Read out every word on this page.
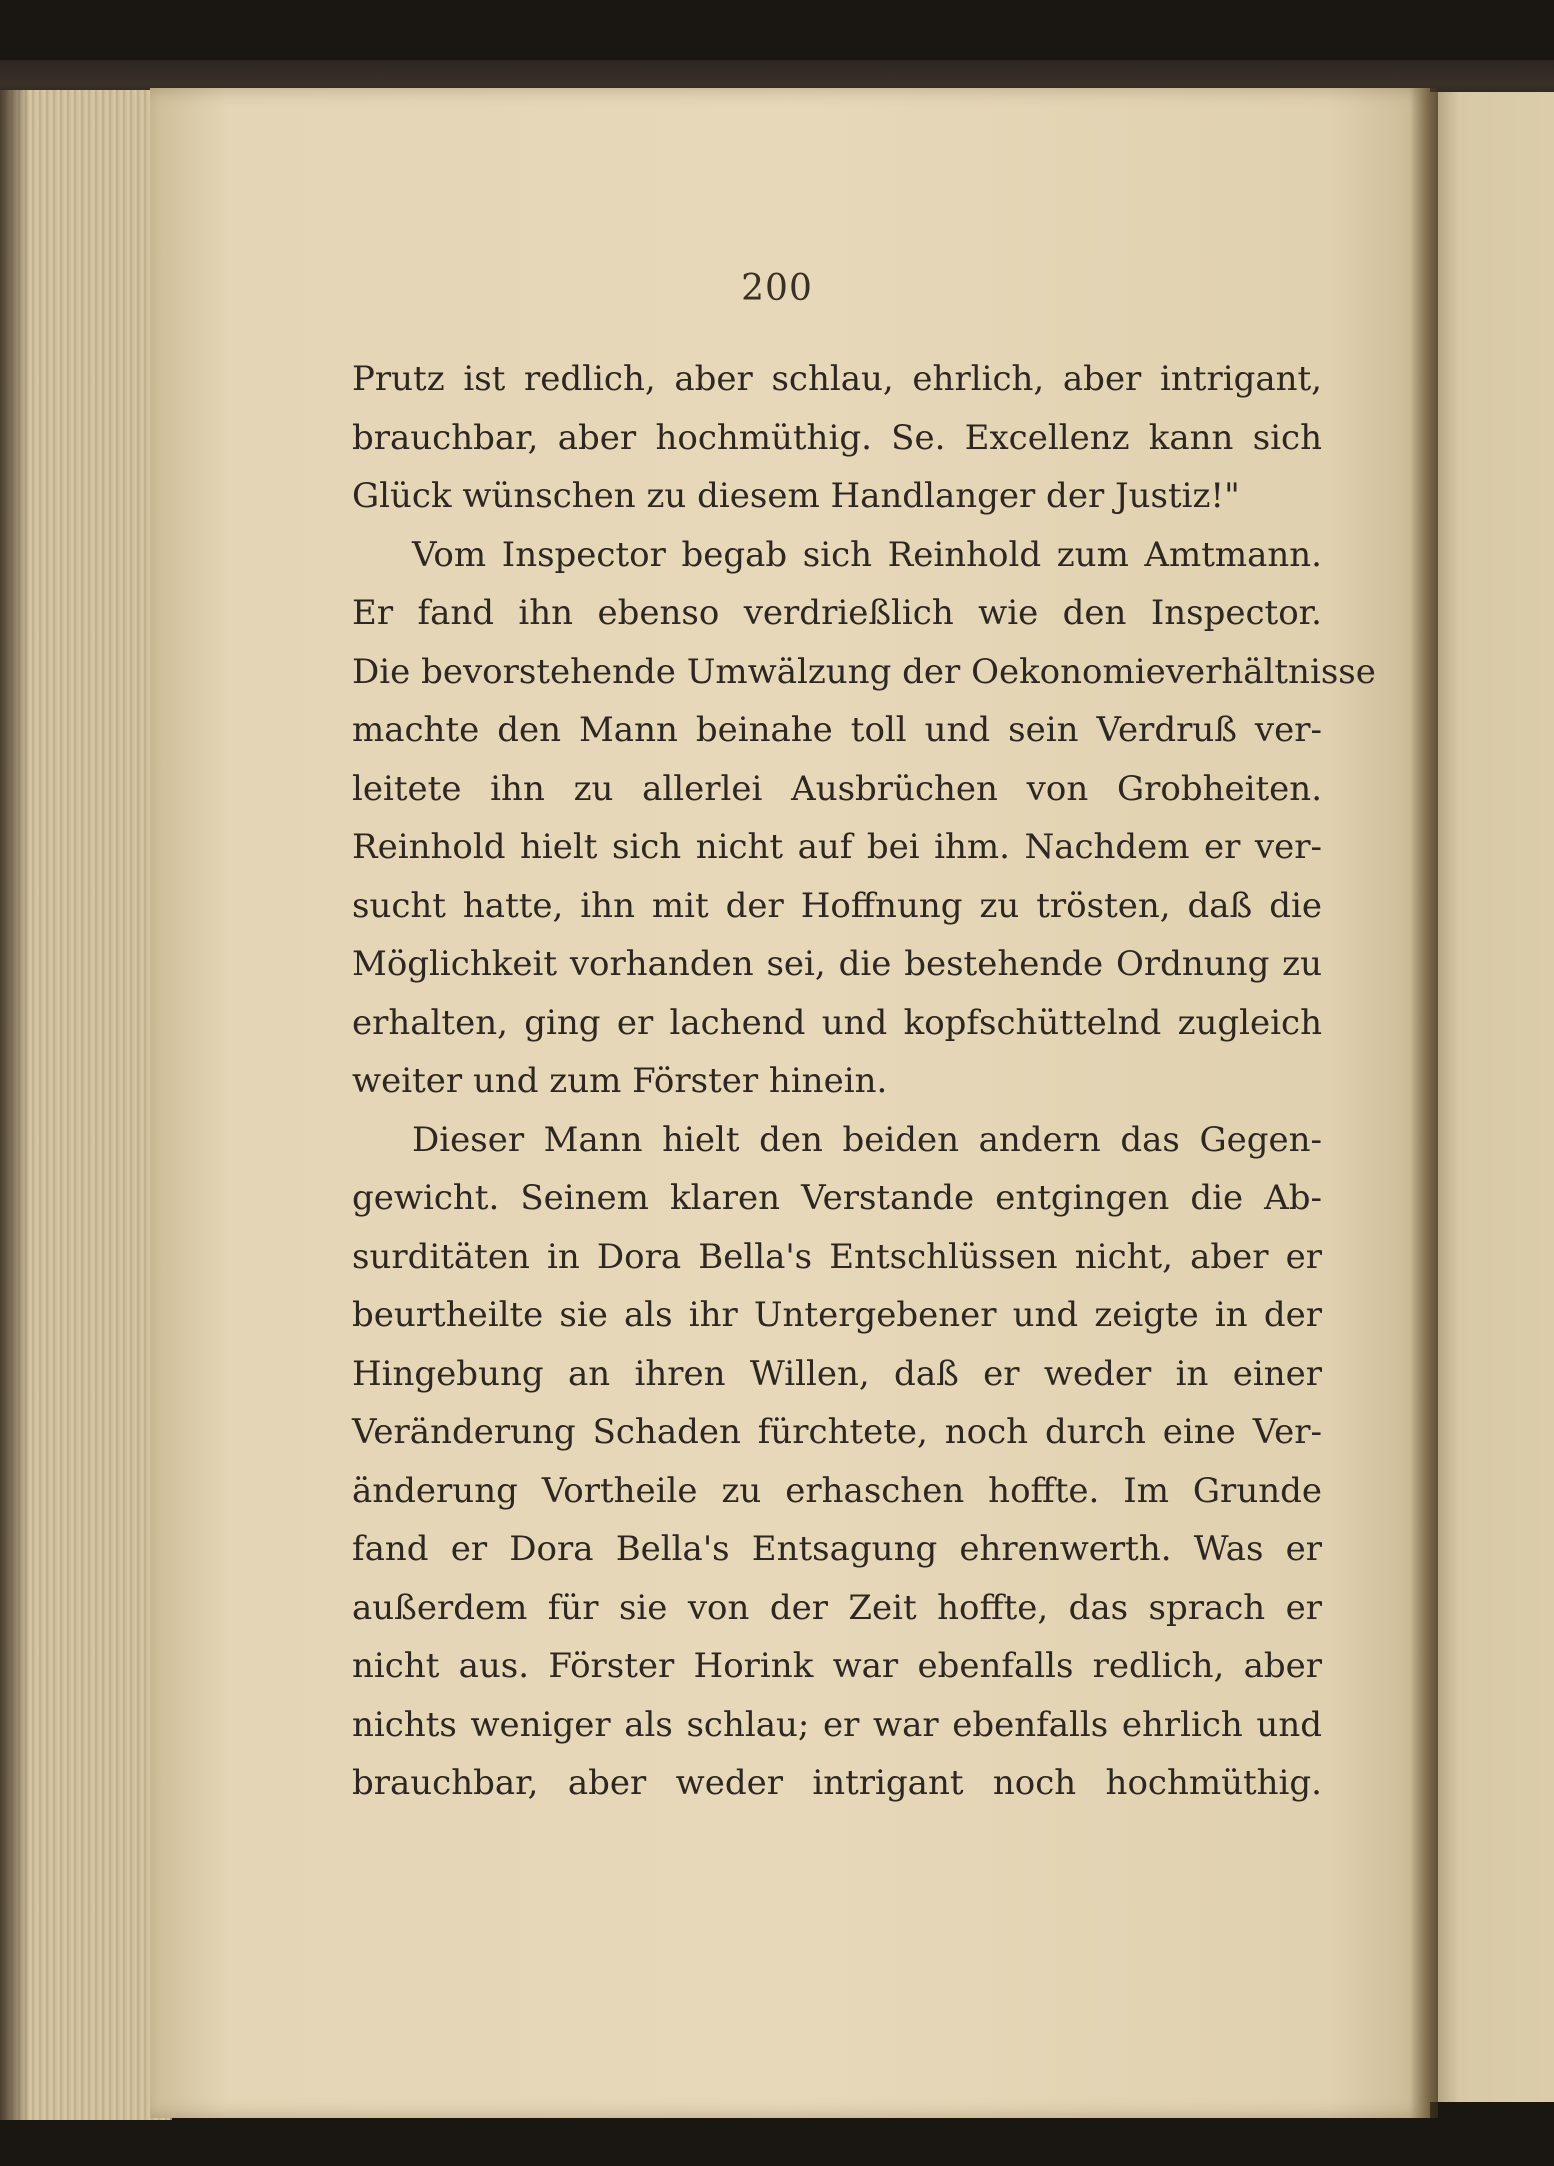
200
Prutz ist redlich, aber schlau, ehrlich, aber intrigant,
brauchbar, aber hochmüthig. Se. Excellenz kann sich
Glück wünschen zu diesem Handlanger der Justiz!"
Vom Inspector begab sich Reinhold zum Amtmann.
Er fand ihn ebenso verdrießlich wie den Inspector.
Die bevorstehende Umwälzung der Oekonomieverhältnisse
machte den Mann beinahe toll und sein Verdruß ver-
leitete ihn zu allerlei Ausbrüchen von Grobheiten.
Reinhold hielt sich nicht auf bei ihm. Nachdem er ver-
sucht hatte, ihn mit der Hoffnung zu trösten, daß die
Möglichkeit vorhanden sei, die bestehende Ordnung zu
erhalten, ging er lachend und kopfschüttelnd zugleich
weiter und zum Förster hinein.
Dieser Mann hielt den beiden andern das Gegen-
gewicht. Seinem klaren Verstande entgingen die Ab-
surditäten in Dora Bella's Entschlüssen nicht, aber er
beurtheilte sie als ihr Untergebener und zeigte in der
Hingebung an ihren Willen, daß er weder in einer
Veränderung Schaden fürchtete, noch durch eine Ver-
änderung Vortheile zu erhaschen hoffte. Im Grunde
fand er Dora Bella's Entsagung ehrenwerth. Was er
außerdem für sie von der Zeit hoffte, das sprach er
nicht aus. Förster Horink war ebenfalls redlich, aber
nichts weniger als schlau; er war ebenfalls ehrlich und
brauchbar, aber weder intrigant noch hochmüthig.
